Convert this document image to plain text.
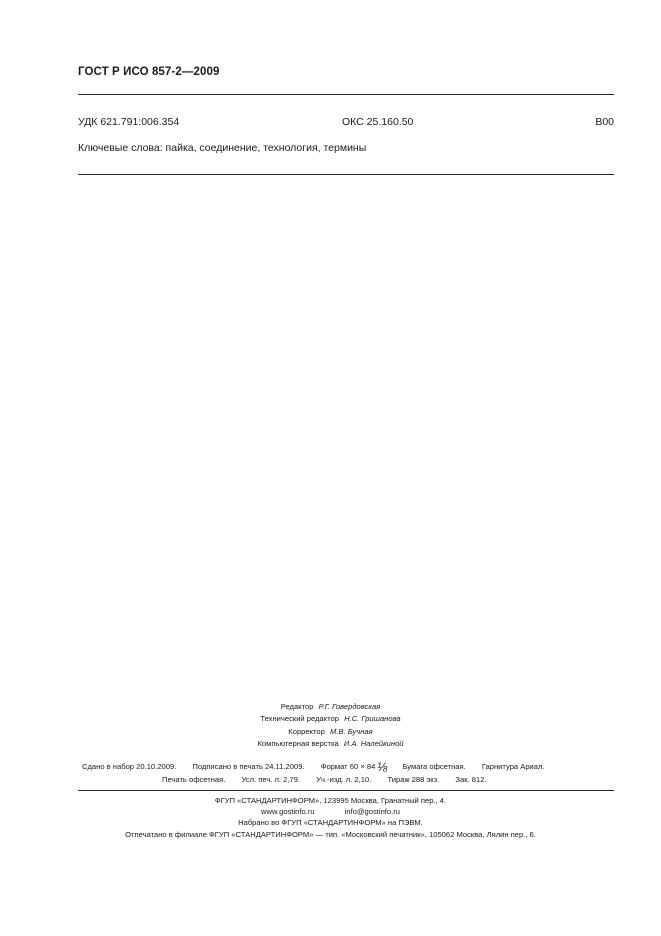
ГОСТ Р ИСО 857-2—2009
УДК 621.791:006.354	ОКС 25.160.50	В00
Ключевые слова: пайка, соединение, технология, термины
Редактор Р.Г. Говердовская
Технический редактор Н.С. Гришанова
Корректор М.В. Бучная
Компьютерная верстка И.А. Налейкиной
Сдано в набор 20.10.2009. Подписано в печать 24.11.2009. Формат 60 × 84 ⅛ Бумага офсетная. Гарнитура Ариал.
Печать офсетная. Усл. печ. л. 2,79. Уч.-изд. л. 2,10. Тираж 288 экз. Зак. 812.
ФГУП «СТАНДАРТИНФОРМ», 123995 Москва, Гранатный пер., 4.
www.gostinfo.ru	info@gostinfo.ru
Набрано во ФГУП «СТАНДАРТИНФОРМ» на ПЭВМ.
Отпечатано в филиале ФГУП «СТАНДАРТИНФОРМ» — тип. «Московский печатник», 105062 Москва, Лялин пер., 6.
